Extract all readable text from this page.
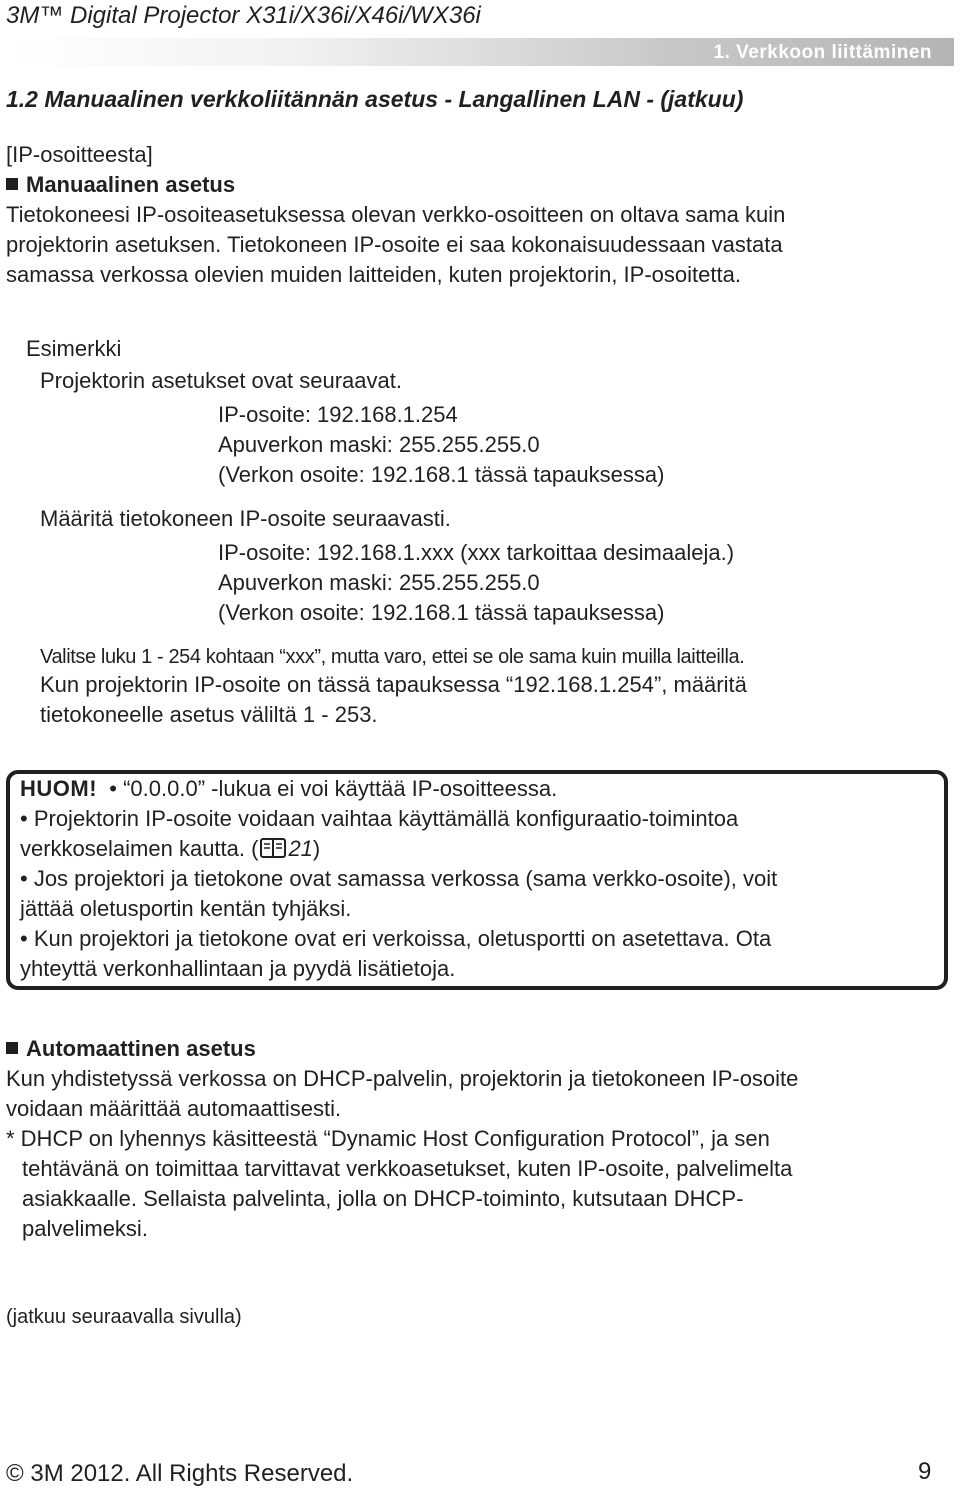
3M™ Digital Projector X31i/X36i/X46i/WX36i
1. Verkkoon liittäminen
1.2 Manuaalinen verkkoliitännän asetus - Langallinen LAN - (jatkuu)
[IP-osoitteesta]
Manuaalinen asetus
Tietokoneesi IP-osoiteasetuksessa olevan verkko-osoitteen on oltava sama kuin
projektorin asetuksen. Tietokoneen IP-osoite ei saa kokonaisuudessaan vastata
samassa verkossa olevien muiden laitteiden, kuten projektorin, IP-osoitetta.
Esimerkki
Projektorin asetukset ovat seuraavat.
IP-osoite: 192.168.1.254
Apuverkon maski: 255.255.255.0
(Verkon osoite: 192.168.1 tässä tapauksessa)
Määritä tietokoneen IP-osoite seuraavasti.
IP-osoite: 192.168.1.xxx (xxx tarkoittaa desimaaleja.)
Apuverkon maski: 255.255.255.0
(Verkon osoite: 192.168.1 tässä tapauksessa)
Valitse luku 1 - 254 kohtaan “xxx”, mutta varo, ettei se ole sama kuin muilla laitteilla.
Kun projektorin IP-osoite on tässä tapauksessa “192.168.1.254”, määritä
tietokoneelle asetus väliltä 1 - 253.
HUOM! • “0.0.0.0” -lukua ei voi käyttää IP-osoitteessa.
• Projektorin IP-osoite voidaan vaihtaa käyttämällä konfiguraatio-toimintoa
verkkoselaimen kautta. ( 21)
• Jos projektori ja tietokone ovat samassa verkossa (sama verkko-osoite), voit
jättää oletusportin kentän tyhjäksi.
• Kun projektori ja tietokone ovat eri verkoissa, oletusportti on asetettava. Ota
yhteyttä verkonhallintaan ja pyydä lisätietoja.
Automaattinen asetus
Kun yhdistetyssä verkossa on DHCP-palvelin, projektorin ja tietokoneen IP-osoite
voidaan määrittää automaattisesti.
* DHCP on lyhennys käsitteestä “Dynamic Host Configuration Protocol”, ja sen
tehtävänä on toimittaa tarvittavat verkkoasetukset, kuten IP-osoite, palvelimelta
asiakkaalle. Sellaista palvelinta, jolla on DHCP-toiminto, kutsutaan DHCP-
palvelimeksi.
(jatkuu seuraavalla sivulla)
© 3M 2012. All Rights Reserved.	9
